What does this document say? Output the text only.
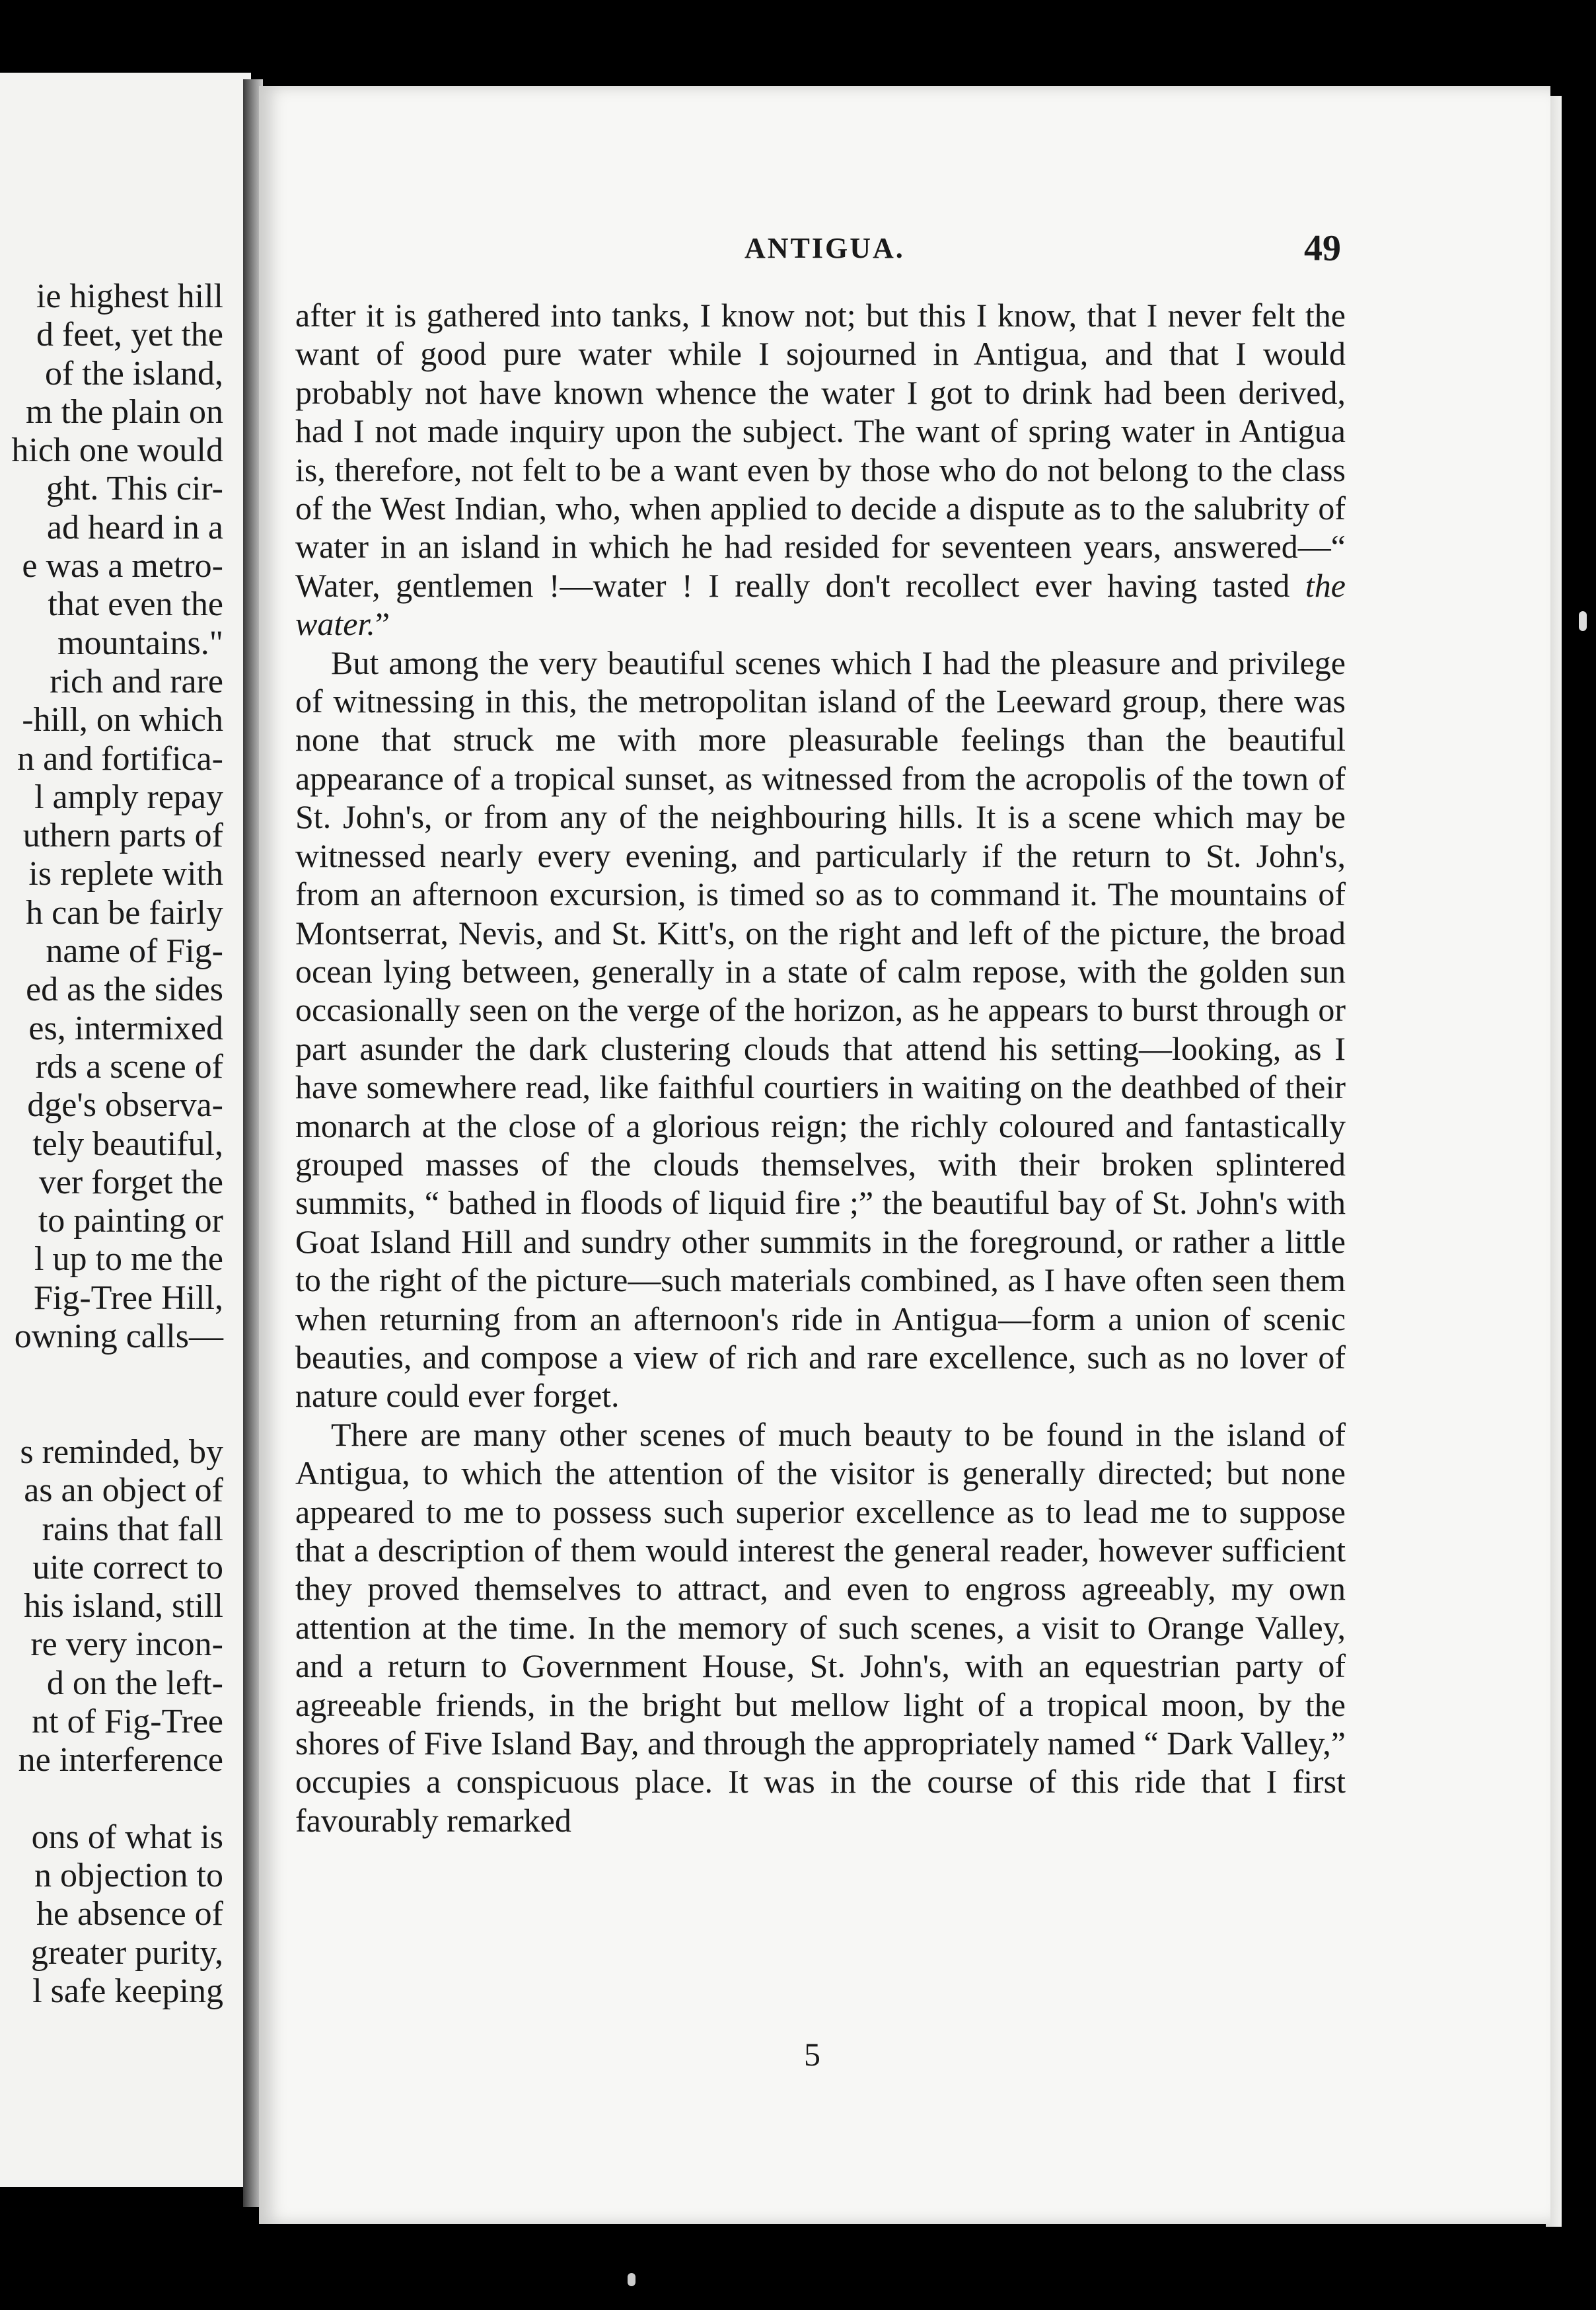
ie highest hill
d feet, yet the
of the island,
m the plain on
hich one would
ght. This cir-
ad heard in a
e was a metro-
that even the
mountains."
rich and rare
-hill, on which
n and fortifica-
l amply repay
uthern parts of
is replete with
h can be fairly
name of Fig-
ed as the sides
es, intermixed
rds a scene of
dge's observa-
tely beautiful,
ver forget the
to painting or
l up to me the
Fig-Tree Hill,
owning calls—
s reminded, by
as an object of
rains that fall
uite correct to
his island, still
re very incon-
d on the left-
nt of Fig-Tree
ne interference
ons of what is
n objection to
he absence of
greater purity,
l safe keeping
ANTIGUA.	49

after it is gathered into tanks, I know not; but this I know, that I never felt the want of good pure water while I sojourned in Antigua, and that I would probably not have known whence the water I got to drink had been derived, had I not made inquiry upon the subject. The want of spring water in Antigua is, therefore, not felt to be a want even by those who do not belong to the class of the West Indian, who, when applied to decide a dispute as to the salubrity of water in an island in which he had resided for seventeen years, answered—“ Water, gentlemen !—water ! I really don't recollect ever having tasted the water.”

But among the very beautiful scenes which I had the pleasure and privilege of witnessing in this, the metropolitan island of the Leeward group, there was none that struck me with more pleasurable feelings than the beautiful appearance of a tropical sunset, as witnessed from the acropolis of the town of St. John's, or from any of the neighbouring hills. It is a scene which may be witnessed nearly every evening, and particularly if the return to St. John's, from an afternoon excursion, is timed so as to command it. The mountains of Montserrat, Nevis, and St. Kitt's, on the right and left of the picture, the broad ocean lying between, generally in a state of calm repose, with the golden sun occasionally seen on the verge of the horizon, as he appears to burst through or part asunder the dark clustering clouds that attend his setting—looking, as I have somewhere read, like faithful courtiers in waiting on the deathbed of their monarch at the close of a glorious reign; the richly coloured and fantastically grouped masses of the clouds themselves, with their broken splintered summits, “ bathed in floods of liquid fire ;” the beautiful bay of St. John's with Goat Island Hill and sundry other summits in the foreground, or rather a little to the right of the picture—such materials combined, as I have often seen them when returning from an afternoon's ride in Antigua—form a union of scenic beauties, and compose a view of rich and rare excellence, such as no lover of nature could ever forget.

There are many other scenes of much beauty to be found in the island of Antigua, to which the attention of the visitor is generally directed; but none appeared to me to possess such superior excellence as to lead me to suppose that a description of them would interest the general reader, however sufficient they proved themselves to attract, and even to engross agreeably, my own attention at the time. In the memory of such scenes, a visit to Orange Valley, and a return to Government House, St. John's, with an equestrian party of agreeable friends, in the bright but mellow light of a tropical moon, by the shores of Five Island Bay, and through the appropriately named “ Dark Valley,” occupies a conspicuous place. It was in the course of this ride that I first favourably remarked

5
